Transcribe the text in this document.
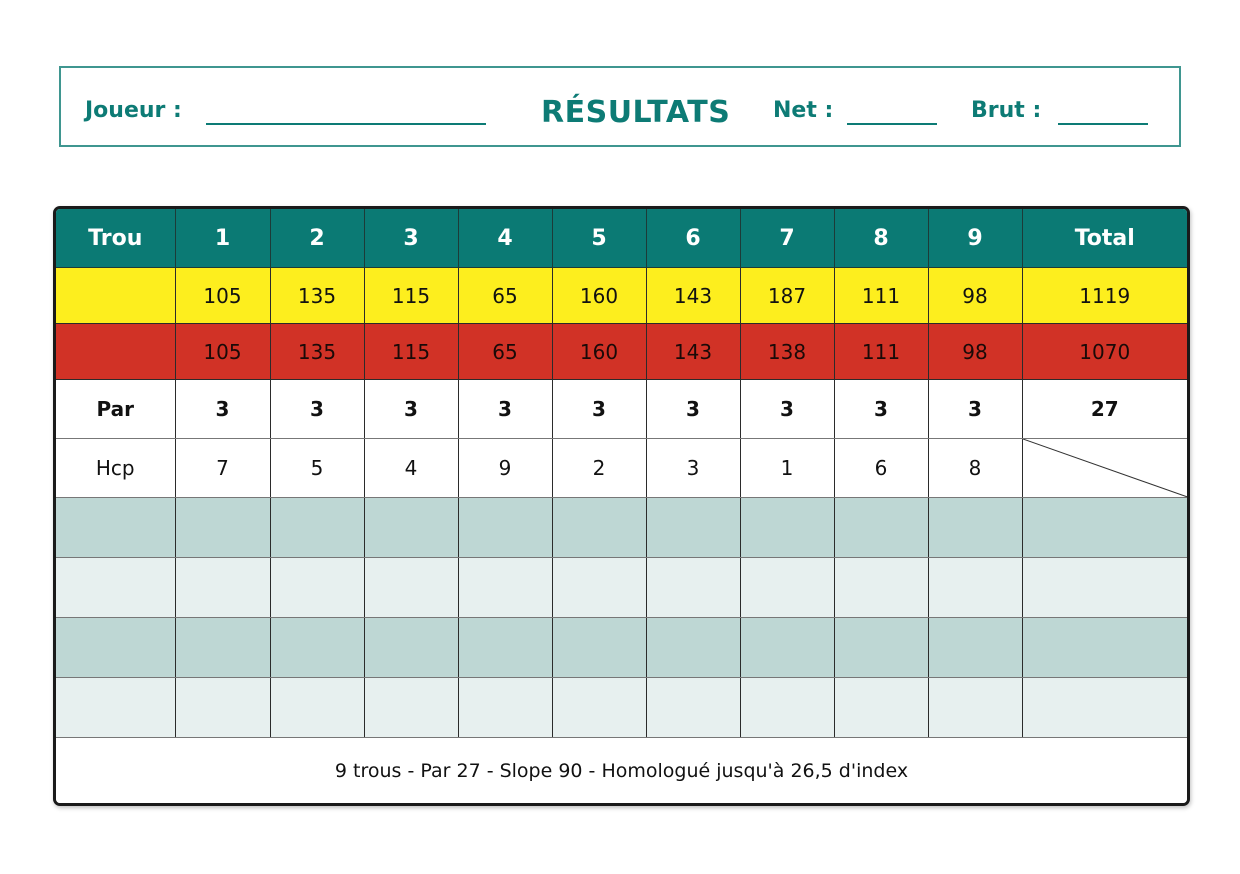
Joueur :	RÉSULTATS Net :	Brut :
Trou	1	2	3	4	5	6	7	8	9	Total
	105	135	115	65	160	143	187	111	98	1119
	105	135	115	65	160	143	138	111	98	1070
Par	3	3	3	3	3	3	3	3	3	27
Hcp	7	5	4	9	2	3	1	6	8	

9 trous - Par 27 - Slope 90 - Homologué jusqu'à 26,5 d'index										
